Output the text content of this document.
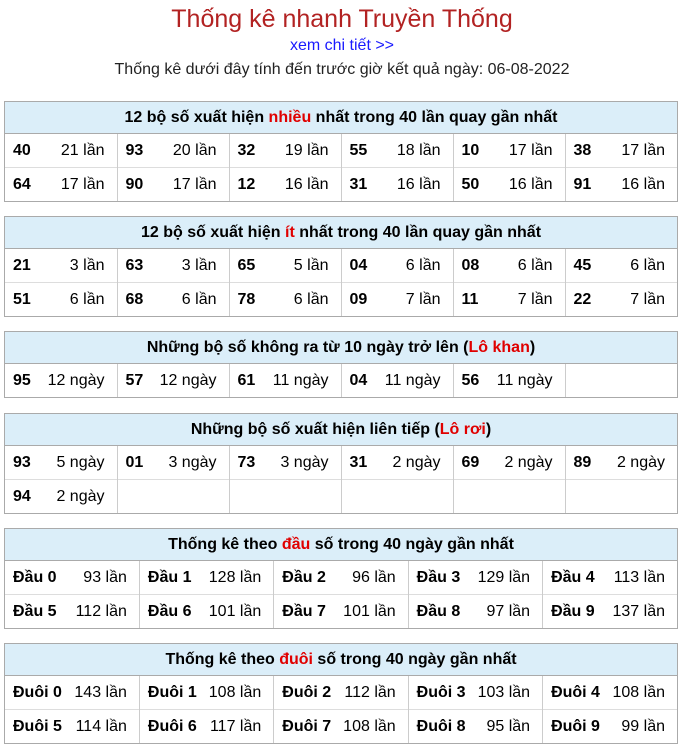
Thống kê nhanh Truyền Thống
xem chi tiết >>
Thống kê dưới đây tính đến trước giờ kết quả ngày: 06-08-2022
12 bộ số xuất hiện nhiều nhất trong 40 lần quay gần nhất
40 21 lần	93 20 lần	32 19 lần	55 18 lần	10 17 lần	38 17 lần

64 17 lần	90 17 lần	12 16 lần	31 16 lần	50 16 lần	91 16 lần
12 bộ số xuất hiện ít nhất trong 40 lần quay gần nhất
21 3 lần	63 3 lần	65 5 lần	04 6 lần	08 6 lần	45 6 lần

51 6 lần	68 6 lần	78 6 lần	09 7 lần	11 7 lần	22 7 lần
Những bộ số không ra từ 10 ngày trở lên (Lô khan)
95 12 ngày	57 12 ngày	61 11 ngày	04 11 ngày	56 11 ngày

Những bộ số xuất hiện liên tiếp (Lô rơi)
93 5 ngày	01 3 ngày	73 3 ngày	31 2 ngày	69 2 ngày	89 2 ngày

94 2 ngày					

Thống kê theo đầu số trong 40 ngày gần nhất
Đầu 0 93 lần	Đầu 1 128 lần	Đầu 2 96 lần	Đầu 3 129 lần	Đầu 4 113 lần

Đầu 5 112 lần	Đầu 6 101 lần	Đầu 7 101 lần	Đầu 8 97 lần	Đầu 9 137 lần
Thống kê theo đuôi số trong 40 ngày gần nhất
Đuôi 0 143 lần	Đuôi 1 108 lần	Đuôi 2 112 lần	Đuôi 3 103 lần	Đuôi 4 108 lần

Đuôi 5 114 lần	Đuôi 6 117 lần	Đuôi 7 108 lần	Đuôi 8 95 lần	Đuôi 9 99 lần
